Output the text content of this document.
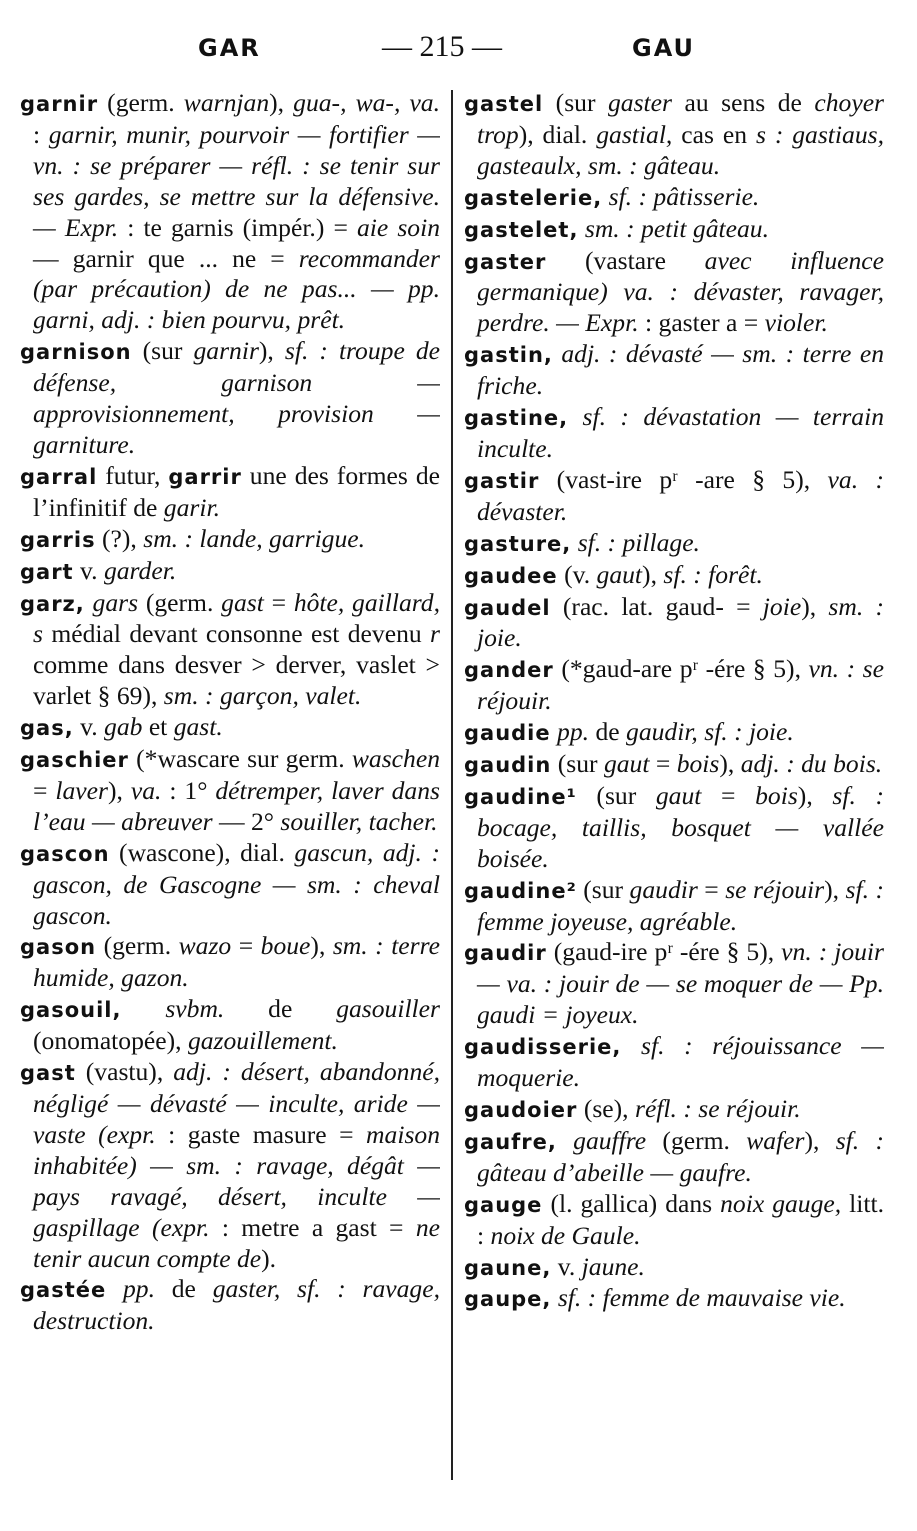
GAR	— 215 —	GAU

garnir (germ. warnjan), gua-, wa-, va. : garnir, munir, pourvoir — fortifier — vn. : se préparer — réfl. : se tenir sur ses gardes, se mettre sur la défensive. — Expr. : te garnis (impér.) = aie soin — garnir que ... ne = recommander (par précaution) de ne pas... — pp. garni, adj. : bien pourvu, prêt.

garnison (sur garnir), sf. : troupe de défense, garnison — approvisionnement, provision — garniture.

garral futur, garrir une des formes de l’infinitif de garir.

garris (?), sm. : lande, garrigue.

gart v. garder.

garz, gars (germ. gast = hôte, gaillard, s médial devant consonne est devenu r comme dans desver > derver, vaslet > varlet § 69), sm. : garçon, valet.

gas, v. gab et gast.

gaschier (*wascare sur germ. waschen = laver), va. : 1° détremper, laver dans l’eau — abreuver — 2° souiller, tacher.

gascon (wascone), dial. gascun, adj. : gascon, de Gascogne — sm. : cheval gascon.

gason (germ. wazo = boue), sm. : terre humide, gazon.

gasouil, svbm. de gasouiller (onomatopée), gazouillement.

gast (vastu), adj. : désert, abandonné, négligé — dévasté — inculte, aride — vaste (expr. : gaste masure = maison inhabitée) — sm. : ravage, dégât — pays ravagé, désert, inculte — gaspillage (expr. : metre a gast = ne tenir aucun compte de).

gastée pp. de gaster, sf. : ravage, destruction.

gastel (sur gaster au sens de choyer trop), dial. gastial, cas en s : gastiaus, gasteaulx, sm. : gâteau.

gastelerie, sf. : pâtisserie.

gastelet, sm. : petit gâteau.

gaster (vastare avec influence germanique) va. : dévaster, ravager, perdre. — Expr. : gaster a = violer.

gastin, adj. : dévasté — sm. : terre en friche.

gastine, sf. : dévastation — terrain inculte.

gastir (vast-ire pʳ -are § 5), va. : dévaster.

gasture, sf. : pillage.

gaudee (v. gaut), sf. : forêt.

gaudel (rac. lat. gaud- = joie), sm. : joie.

gander (*gaud-are pʳ -ére § 5), vn. : se réjouir.

gaudie pp. de gaudir, sf. : joie.

gaudin (sur gaut = bois), adj. : du bois.

gaudine¹ (sur gaut = bois), sf. : bocage, taillis, bosquet — vallée boisée.

gaudine² (sur gaudir = se réjouir), sf. : femme joyeuse, agréable.

gaudir (gaud-ire pʳ -ére § 5), vn. : jouir — va. : jouir de — se moquer de — Pp. gaudi = joyeux.

gaudisserie, sf. : réjouissance — moquerie.

gaudoier (se), réfl. : se réjouir.

gaufre, gauffre (germ. wafer), sf. : gâteau d’abeille — gaufre.

gauge (l. gallica) dans noix gauge, litt. : noix de Gaule.

gaune, v. jaune.

gaupe, sf. : femme de mauvaise vie.
